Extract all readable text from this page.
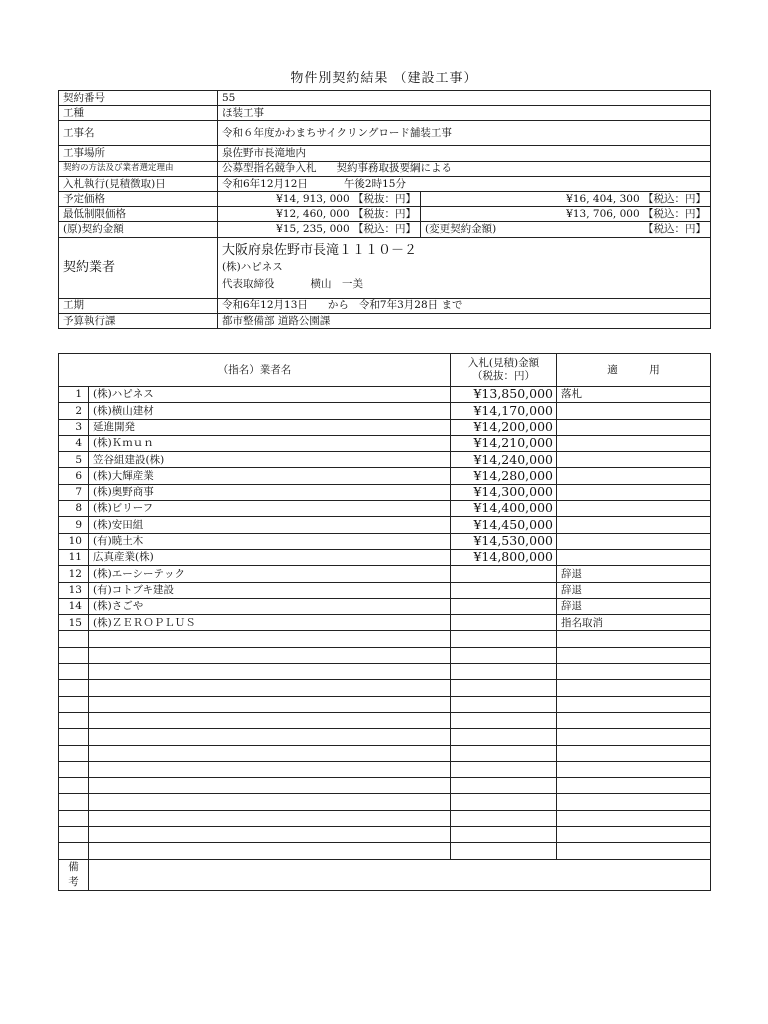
物件別契約結果 （建設工事）
契約番号	55	
工種	ほ装工事	
工事名	令和６年度かわまちサイクリングロード舗装工事	
工事場所	泉佐野市長滝地内	
契約の方法及び業者選定理由	公募型指名競争入札 契約事務取扱要綱による	
入札執行(見積徴取)日	令和6年12月12日 午後2時15分	
予定価格	¥14, 913, 000 【税抜：円】	¥16, 404, 300 【税込：円】
最低制限価格	¥12, 460, 000 【税抜：円】	¥13, 706, 000 【税込：円】
(原)契約金額	¥15, 235, 000 【税込：円】	(変更契約金額) 【税込：円】

契約業者	大阪府泉佐野市長滝１１１０－２
(株)ハピネス
代表取締役 横山　一美	

工期	令和6年12月13日 から 令和7年3月28日 まで	
予算執行課	都市整備部 道路公園課	
（指名）業者名		入札(見積)金額
（税抜：円）	適　　　用
1	(株)ハピネス	¥13,850,000	落札
2	(株)横山建材	¥14,170,000	
3	延進開発	¥14,200,000	
4	(株)Ｋｍｕｎ	¥14,210,000	
5	笠谷組建設(株)	¥14,240,000	
6	(株)大輝産業	¥14,280,000	
7	(株)奥野商事	¥14,300,000	
8	(株)ビリーフ	¥14,400,000	
9	(株)安田組	¥14,450,000	
10	(有)暁土木	¥14,530,000	
11	広真産業(株)	¥14,800,000	
12	(株)エーシーテック		辞退
13	(有)コトブキ建設		辞退
14	(株)さごや		辞退
15	(株)ＺＥＲＯＰＬＵＳ		指名取消

備
考			
